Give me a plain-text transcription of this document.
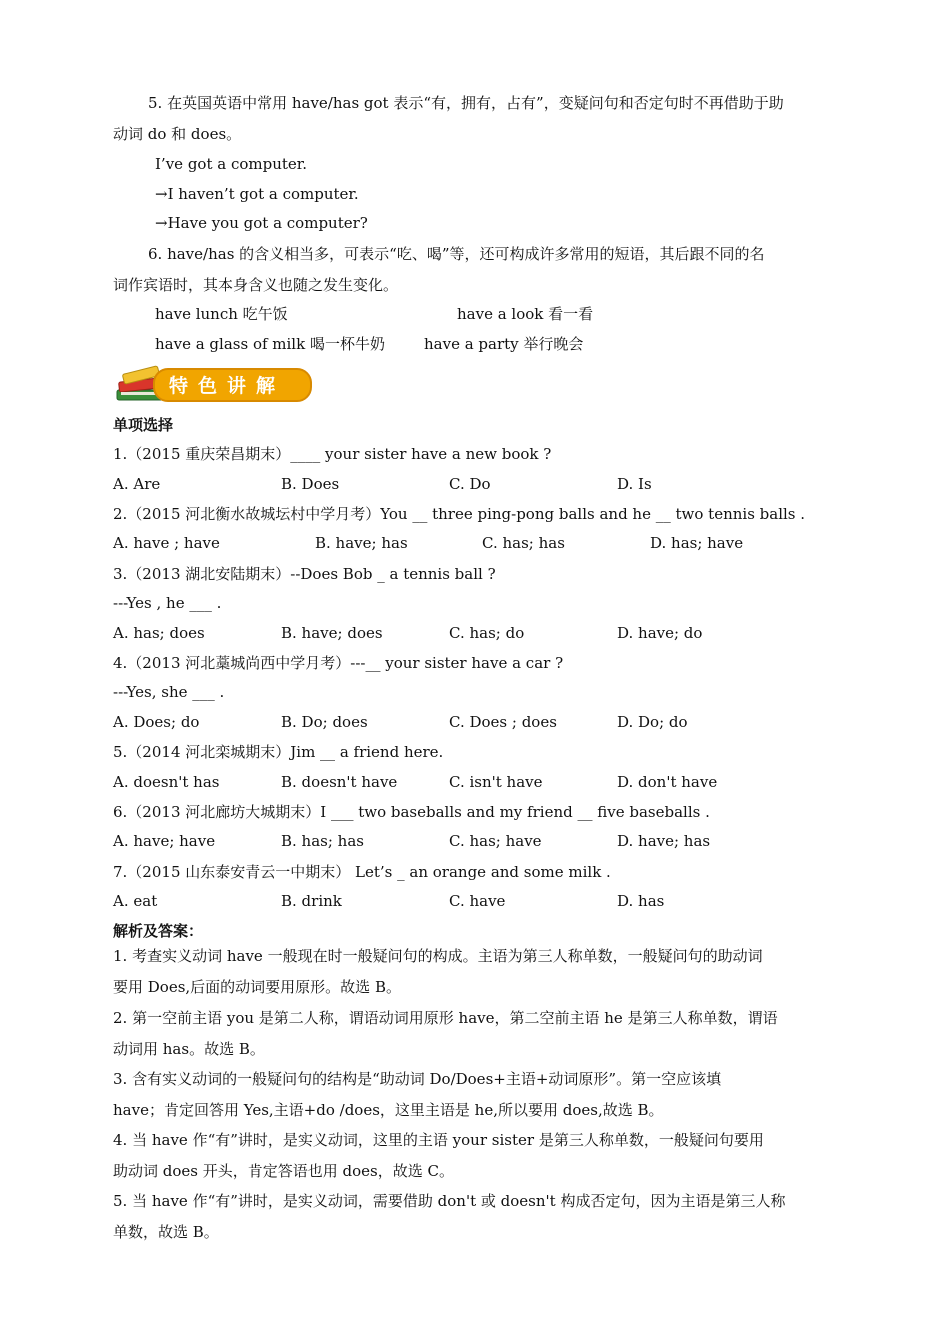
5. 在英国英语中常用 have/has got 表示“有，拥有，占有”，变疑问句和否定句时不再借助于助
动词 do 和 does。
I’ve got a computer.
→I haven’t got a computer.
→Have you got a computer?
6. have/has 的含义相当多，可表示“吃、喝”等，还可构成许多常用的短语，其后跟不同的名
词作宾语时，其本身含义也随之发生变化。
have lunch 吃午饭	have a look 看一看
have a glass of milk 喝一杯牛奶	have a party 举行晚会
特色讲解
单项选择
1.（2015 重庆荣昌期末）____ your sister have a new book ?
A. Are	B. Does	C. Do	D. Is
2.（2015 河北衡水故城坛村中学月考）You __ three ping-pong balls and he __ two tennis balls .
A. have ; have	B. have; has	C. has; has	D. has; have
3.（2013 湖北安陆期末）--Does Bob _ a tennis ball ?
---Yes , he ___ .
A. has; does	B. have; does	C. has; do	D. have; do
4.（2013 河北藁城尚西中学月考）---__ your sister have a car ?
---Yes, she ___ .
A. Does; do	B. Do; does	C. Does ; does	D. Do; do
5.（2014 河北栾城期末）Jim __ a friend here.
A. doesn't has	B. doesn't have	C. isn't have	D. don't have
6.（2013 河北廊坊大城期末）I ___ two baseballs and my friend __ five baseballs .
A. have; have	B. has; has	C. has; have	D. have; has
7.（2015 山东泰安青云一中期末） Let’s _ an orange and some milk .
A. eat	B. drink	C. have	D. has
解析及答案：
1. 考查实义动词 have 一般现在时一般疑问句的构成。主语为第三人称单数，一般疑问句的助动词
要用 Does,后面的动词要用原形。故选 B。
2. 第一空前主语 you 是第二人称，谓语动词用原形 have，第二空前主语 he 是第三人称单数，谓语
动词用 has。故选 B。
3. 含有实义动词的一般疑问句的结构是“助动词 Do/Does+主语+动词原形”。第一空应该填
have；肯定回答用 Yes,主语+do /does，这里主语是 he,所以要用 does,故选 B。
4. 当 have 作“有”讲时，是实义动词，这里的主语 your sister 是第三人称单数，一般疑问句要用
助动词 does 开头，肯定答语也用 does，故选 C。
5. 当 have 作“有”讲时，是实义动词，需要借助 don't 或 doesn't 构成否定句，因为主语是第三人称
单数，故选 B。
